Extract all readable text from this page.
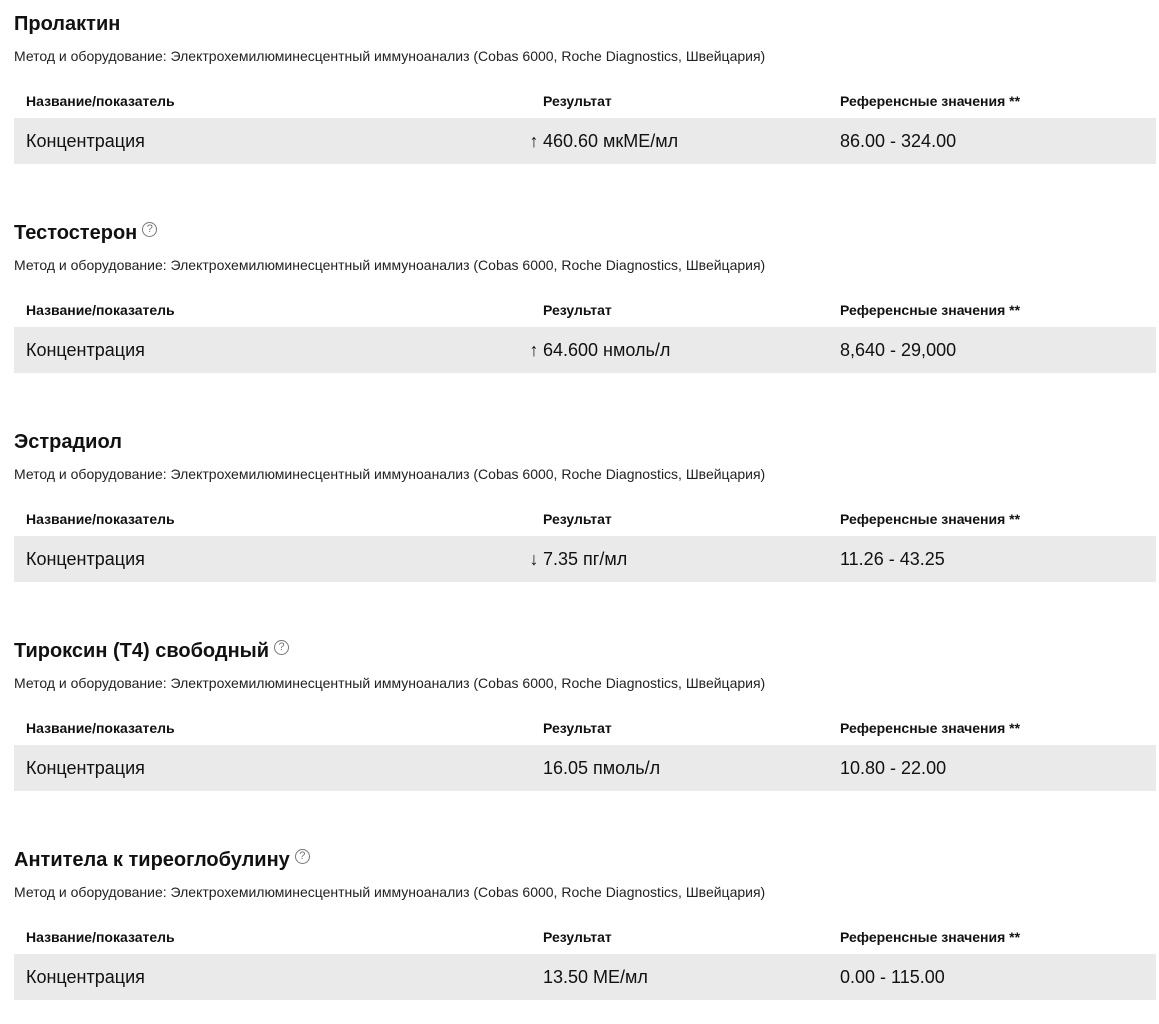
Пролактин
Метод и оборудование: Электрохемилюминесцентный иммуноанализ (Cobas 6000, Roche Diagnostics, Швейцария)
Название/показатель	Результат	Референсные значения **
Концентрация	↑ 460.60 мкМЕ/мл	86.00 - 324.00
Тестостерон ?
Метод и оборудование: Электрохемилюминесцентный иммуноанализ (Cobas 6000, Roche Diagnostics, Швейцария)
Название/показатель	Результат	Референсные значения **
Концентрация	↑ 64.600 нмоль/л	8,640 - 29,000
Эстрадиол
Метод и оборудование: Электрохемилюминесцентный иммуноанализ (Cobas 6000, Roche Diagnostics, Швейцария)
Название/показатель	Результат	Референсные значения **
Концентрация	↓ 7.35 пг/мл	11.26 - 43.25
Тироксин (T4) свободный ?
Метод и оборудование: Электрохемилюминесцентный иммуноанализ (Cobas 6000, Roche Diagnostics, Швейцария)
Название/показатель	Результат	Референсные значения **
Концентрация	16.05 пмоль/л	10.80 - 22.00
Антитела к тиреоглобулину ?
Метод и оборудование: Электрохемилюминесцентный иммуноанализ (Cobas 6000, Roche Diagnostics, Швейцария)
Название/показатель	Результат	Референсные значения **
Концентрация	13.50 МЕ/мл	0.00 - 115.00
